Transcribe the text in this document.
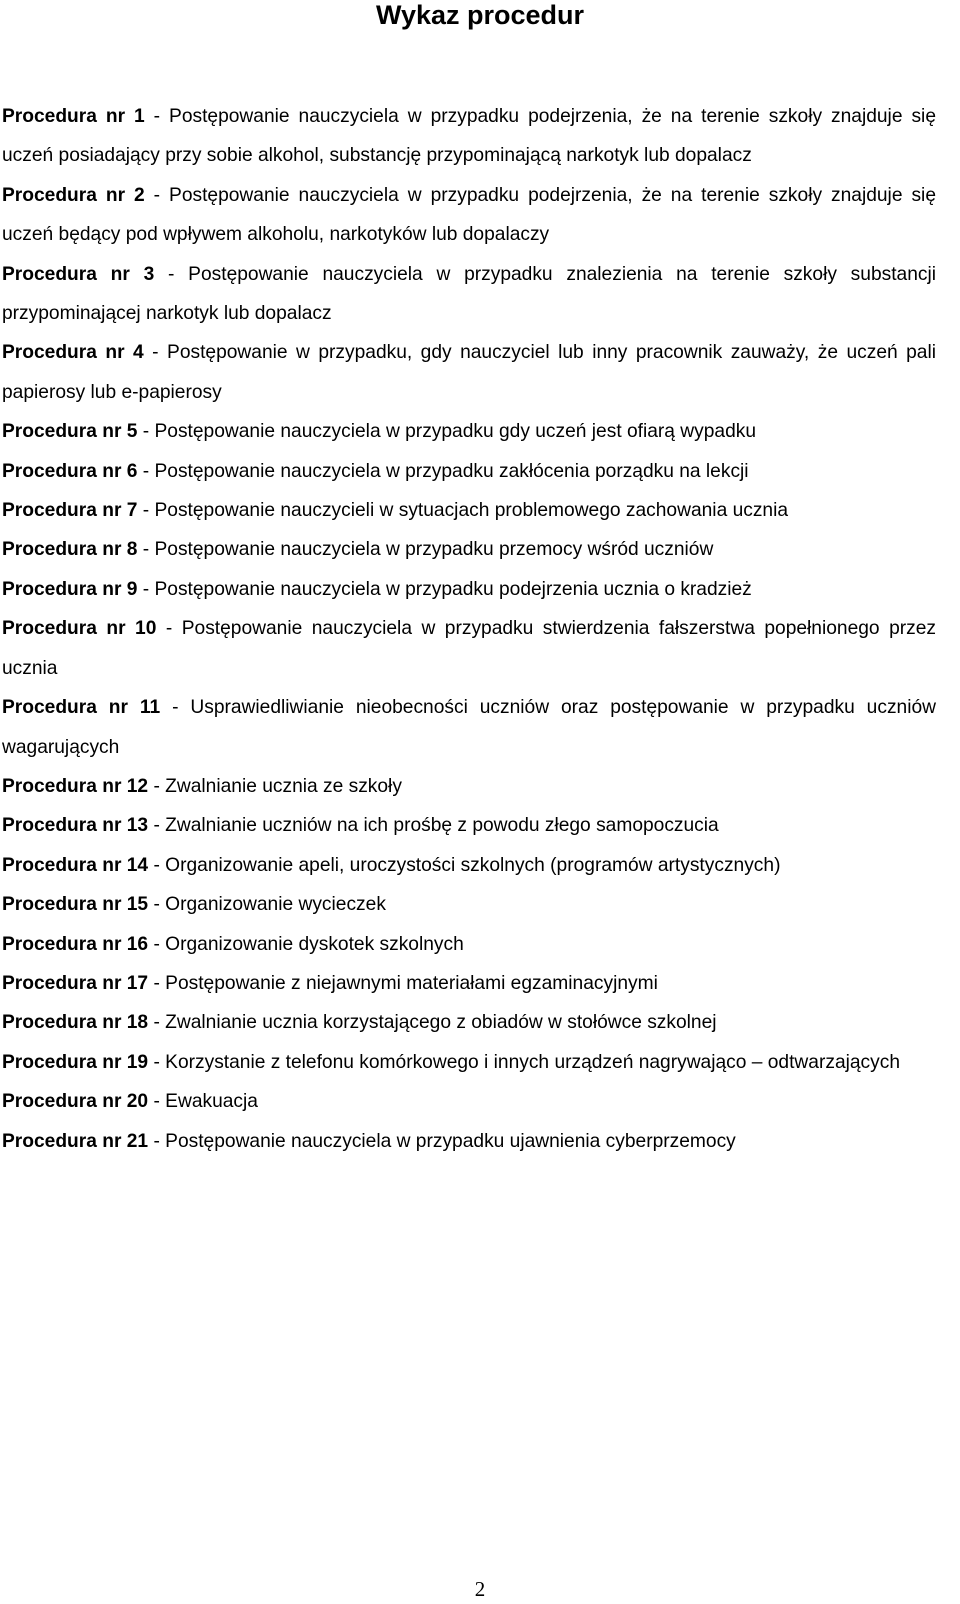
Wykaz procedur

Procedura nr 1 - Postępowanie nauczyciela w przypadku podejrzenia, że na terenie szkoły znajduje się uczeń posiadający przy sobie alkohol, substancję przypominającą narkotyk lub dopalacz

Procedura nr 2 - Postępowanie nauczyciela w przypadku podejrzenia, że na terenie szkoły znajduje się uczeń będący pod wpływem alkoholu, narkotyków lub dopalaczy

Procedura nr 3 - Postępowanie nauczyciela w przypadku znalezienia na terenie szkoły substancji przypominającej narkotyk lub dopalacz

Procedura nr 4 - Postępowanie w przypadku, gdy nauczyciel lub inny pracownik zauważy, że uczeń pali papierosy lub e-papierosy

Procedura nr 5 - Postępowanie nauczyciela w przypadku gdy uczeń jest ofiarą wypadku

Procedura nr 6 - Postępowanie nauczyciela w przypadku zakłócenia porządku na lekcji

Procedura nr 7 - Postępowanie nauczycieli w sytuacjach problemowego zachowania ucznia

Procedura nr 8 - Postępowanie nauczyciela w przypadku przemocy wśród uczniów

Procedura nr 9 - Postępowanie nauczyciela w przypadku podejrzenia ucznia o kradzież

Procedura nr 10 - Postępowanie nauczyciela w przypadku stwierdzenia fałszerstwa popełnionego przez ucznia

Procedura nr 11 - Usprawiedliwianie nieobecności uczniów oraz postępowanie w przypadku uczniów wagarujących

Procedura nr 12 - Zwalnianie ucznia ze szkoły

Procedura nr 13 - Zwalnianie uczniów na ich prośbę z powodu złego samopoczucia

Procedura nr 14 - Organizowanie apeli, uroczystości szkolnych (programów artystycznych)

Procedura nr 15 - Organizowanie wycieczek

Procedura nr 16 - Organizowanie dyskotek szkolnych

Procedura nr 17 - Postępowanie z niejawnymi materiałami egzaminacyjnymi

Procedura nr 18 - Zwalnianie ucznia korzystającego z obiadów w stołówce szkolnej

Procedura nr 19 - Korzystanie z telefonu komórkowego i innych urządzeń nagrywająco – odtwarzających

Procedura nr 20 - Ewakuacja

Procedura nr 21 - Postępowanie nauczyciela w przypadku ujawnienia cyberprzemocy

2
